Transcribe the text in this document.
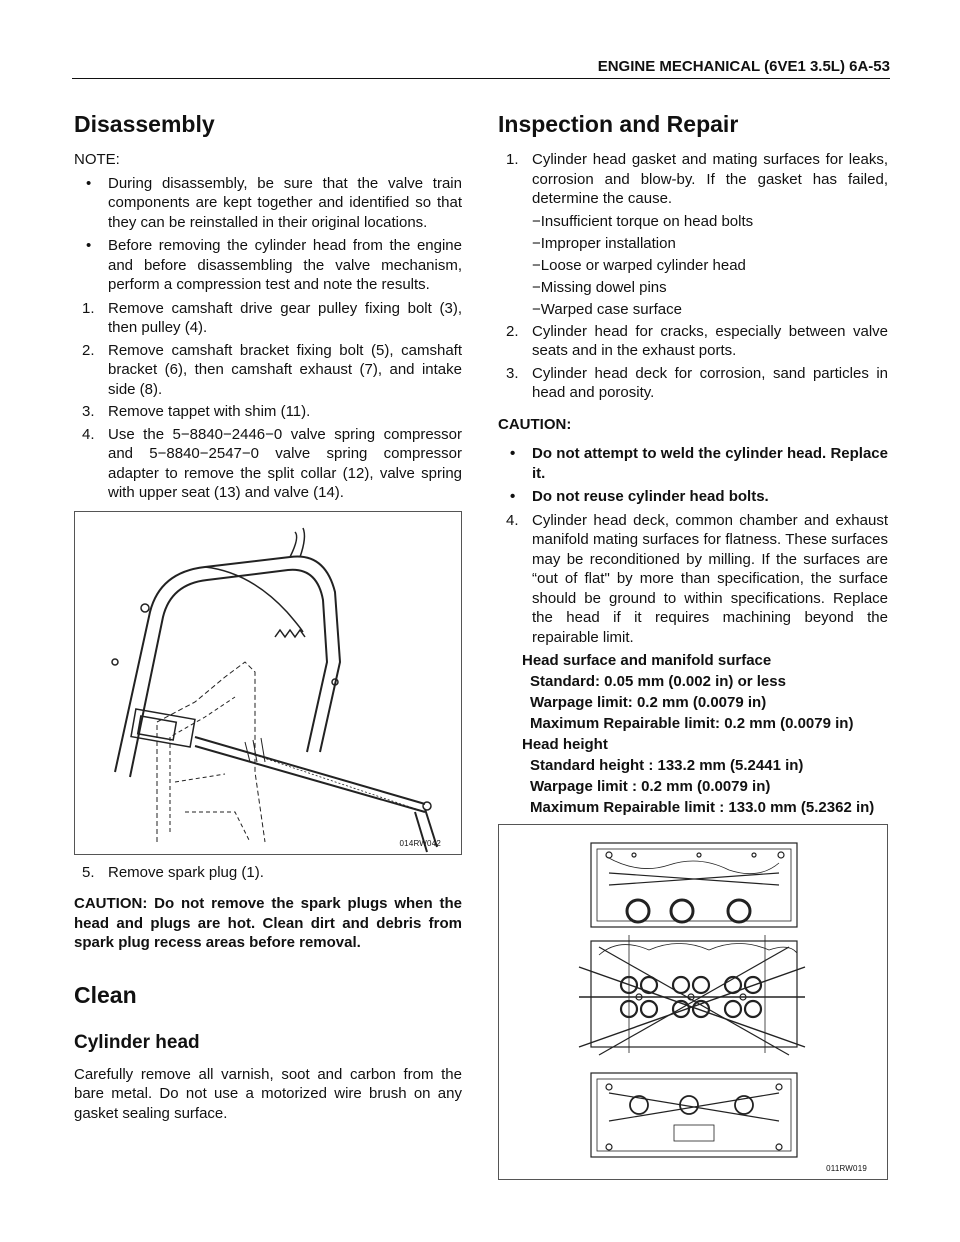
ENGINE MECHANICAL (6VE1 3.5L) 6A-53
Disassembly

NOTE:

• During disassembly, be sure that the valve train components are kept together and identified so that they can be reinstalled in their original locations.
• Before removing the cylinder head from the engine and before disassembling the valve mechanism, perform a compression test and note the results.
1. Remove camshaft drive gear pulley fixing bolt (3), then pulley (4).
2. Remove camshaft bracket fixing bolt (5), camshaft bracket (6), then camshaft exhaust (7), and intake side (8).
3. Remove tappet with shim (11).
4. Use the 5−8840−2446−0 valve spring compressor and 5−8840−2547−0 valve spring compressor adapter to remove the split collar (12), valve spring with upper seat (13) and valve (14).
014RW042
5. Remove spark plug (1).

CAUTION: Do not remove the spark plugs when the head and plugs are hot. Clean dirt and debris from spark plug recess areas before removal.

Clean
Cylinder head

Carefully remove all varnish, soot and carbon from the bare metal. Do not use a motorized wire brush on any gasket sealing surface.

Inspection and Repair
1. Cylinder head gasket and mating surfaces for leaks, corrosion and blow-by. If the gasket has failed, determine the cause.
−Insufficient torque on head bolts
−Improper installation
−Loose or warped cylinder head
−Missing dowel pins
−Warped case surface
2. Cylinder head for cracks, especially between valve seats and in the exhaust ports.
3. Cylinder head deck for corrosion, sand particles in head and porosity.

CAUTION:

• Do not attempt to weld the cylinder head. Replace it.
• Do not reuse cylinder head bolts.
4. Cylinder head deck, common chamber and exhaust manifold mating surfaces for flatness. These surfaces may be reconditioned by milling. If the surfaces are “out of flat" by more than specification, the surface should be ground to within specifications. Replace the head if it requires machining beyond the repairable limit.
Head surface and manifold surface
Standard: 0.05 mm (0.002 in) or less
Warpage limit: 0.2 mm (0.0079 in)
Maximum Repairable limit: 0.2 mm (0.0079 in)
Head height
Standard height : 133.2 mm (5.2441 in)
Warpage limit : 0.2 mm (0.0079 in)
Maximum Repairable limit : 133.0 mm (5.2362 in)
011RW019
